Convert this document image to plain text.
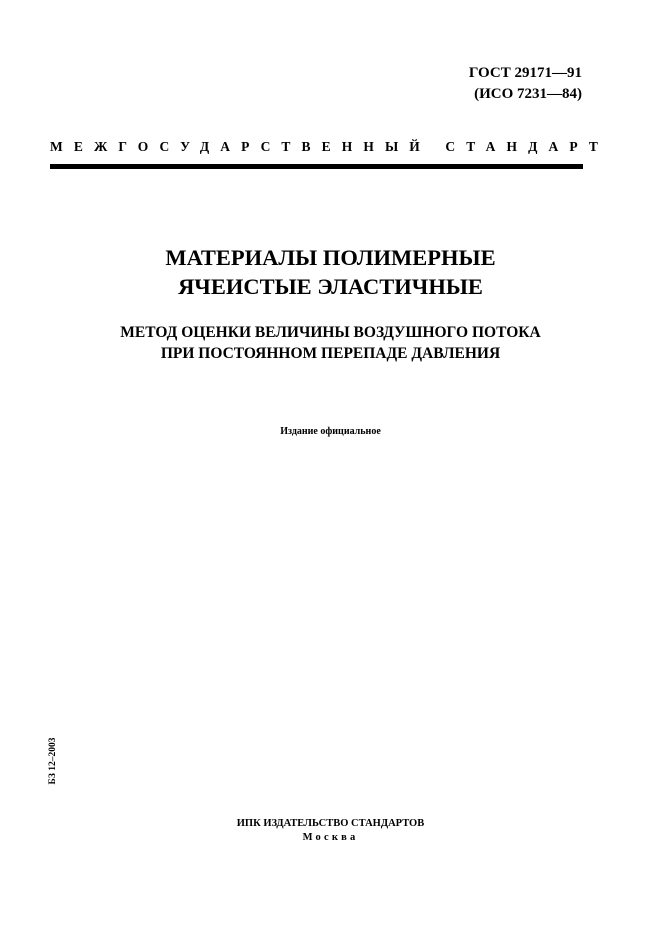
ГОСТ 29171—91
(ИСО 7231—84)
МЕЖГОСУДАРСТВЕННЫЙ СТАНДАРТ
МАТЕРИАЛЫ ПОЛИМЕРНЫЕ
ЯЧЕИСТЫЕ ЭЛАСТИЧНЫЕ
МЕТОД ОЦЕНКИ ВЕЛИЧИНЫ ВОЗДУШНОГО ПОТОКА
ПРИ ПОСТОЯННОМ ПЕРЕПАДЕ ДАВЛЕНИЯ
Издание официальное
БЗ 12–2003
ИПК ИЗДАТЕЛЬСТВО СТАНДАРТОВ
Москва
